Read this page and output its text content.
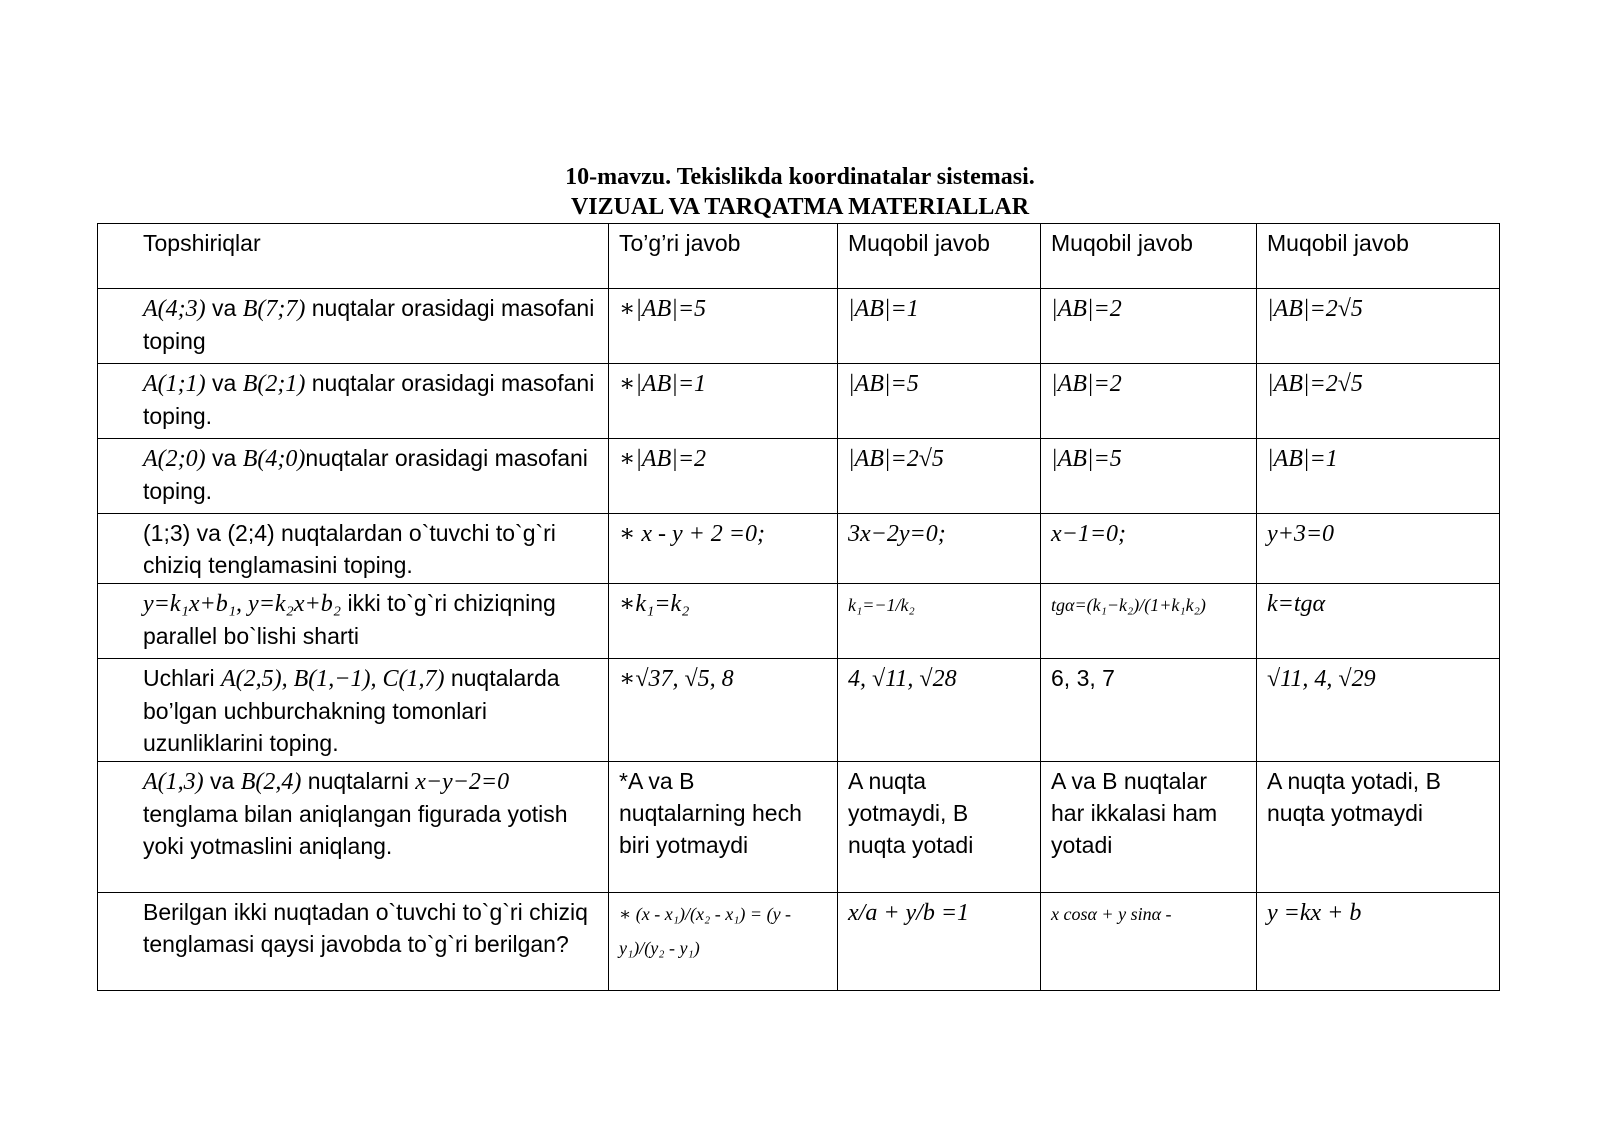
10-mavzu. Tekislikda koordinatalar sistemasi.
VIZUAL VA TARQATMA MATERIALLAR
Topshiriqlar	To’g’ri javob	Muqobil javob	Muqobil javob	Muqobil javob
A(4;3) va B(7;7) nuqtalar orasidagi masofani toping	∗|AB|=5	|AB|=1	|AB|=2	|AB|=2√5
A(1;1) va B(2;1) nuqtalar orasidagi masofani toping.	∗|AB|=1	|AB|=5	|AB|=2	|AB|=2√5
A(2;0) va B(4;0)nuqtalar orasidagi masofani toping.	∗|AB|=2	|AB|=2√5	|AB|=5	|AB|=1
(1;3) va (2;4) nuqtalardan o`tuvchi to`g`ri chiziq tenglamasini toping.	∗ x - y + 2 =0;	3x−2y=0;	x−1=0;	y+3=0
y=k₁x+b₁, y=k₂x+b₂ ikki to`g`ri chiziqning parallel bo`lishi sharti	∗k₁=k₂	k₁=−1/k₂	tgα=(k₁−k₂)/(1+k₁k₂)	k=tgα
Uchlari A(2,5), B(1,−1), C(1,7) nuqtalarda bo’lgan uchburchakning tomonlari uzunliklarini toping.	∗√37, √5, 8	4, √11, √28	6, 3, 7	√11, 4, √29
A(1,3) va B(2,4) nuqtalarni x−y−2=0 tenglama bilan aniqlangan figurada yotish yoki yotmaslini aniqlang.	*A va B nuqtalarning hech biri yotmaydi	A nuqta yotmaydi, B nuqta yotadi	A va B nuqtalar har ikkalasi ham yotadi	A nuqta yotadi, B nuqta yotmaydi
Berilgan ikki nuqtadan o`tuvchi to`g`ri chiziq tenglamasi qaysi javobda to`g`ri berilgan?	∗ (x - x₁)/(x₂ - x₁) = (y - y₁)/(y₂ - y₁)	x/a + y/b =1	x cosα + y sinα -	y =kx + b
